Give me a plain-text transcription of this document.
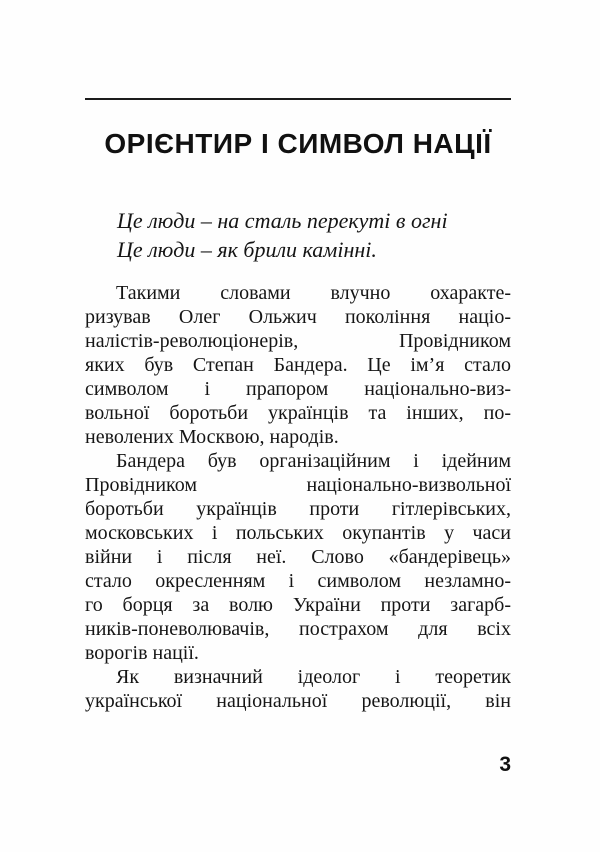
ОРІЄНТИР І СИМВОЛ НАЦІЇ
Це люди – на сталь перекуті в огні
Це люди – як брили камінні.
Такими словами влучно охаракте-
ризував Олег Ольжич покоління націо-
налістів-революціонерів, Провідником
яких був Степан Бандера. Це ім’я стало
символом і прапором національно-виз-
вольної боротьби українців та інших, по-
неволених Москвою, народів.
Бандера був організаційним і ідейним
Провідником національно-визвольної
боротьби українців проти гітлерівських,
московських і польських окупантів у часи
війни і після неї. Слово «бандерівець»
стало окресленням і символом незламно-
го борця за волю України проти загарб-
ників-поневолювачів, пострахом для всіх
ворогів нації.
Як визначний ідеолог і теоретик
української національної революції, він
3
